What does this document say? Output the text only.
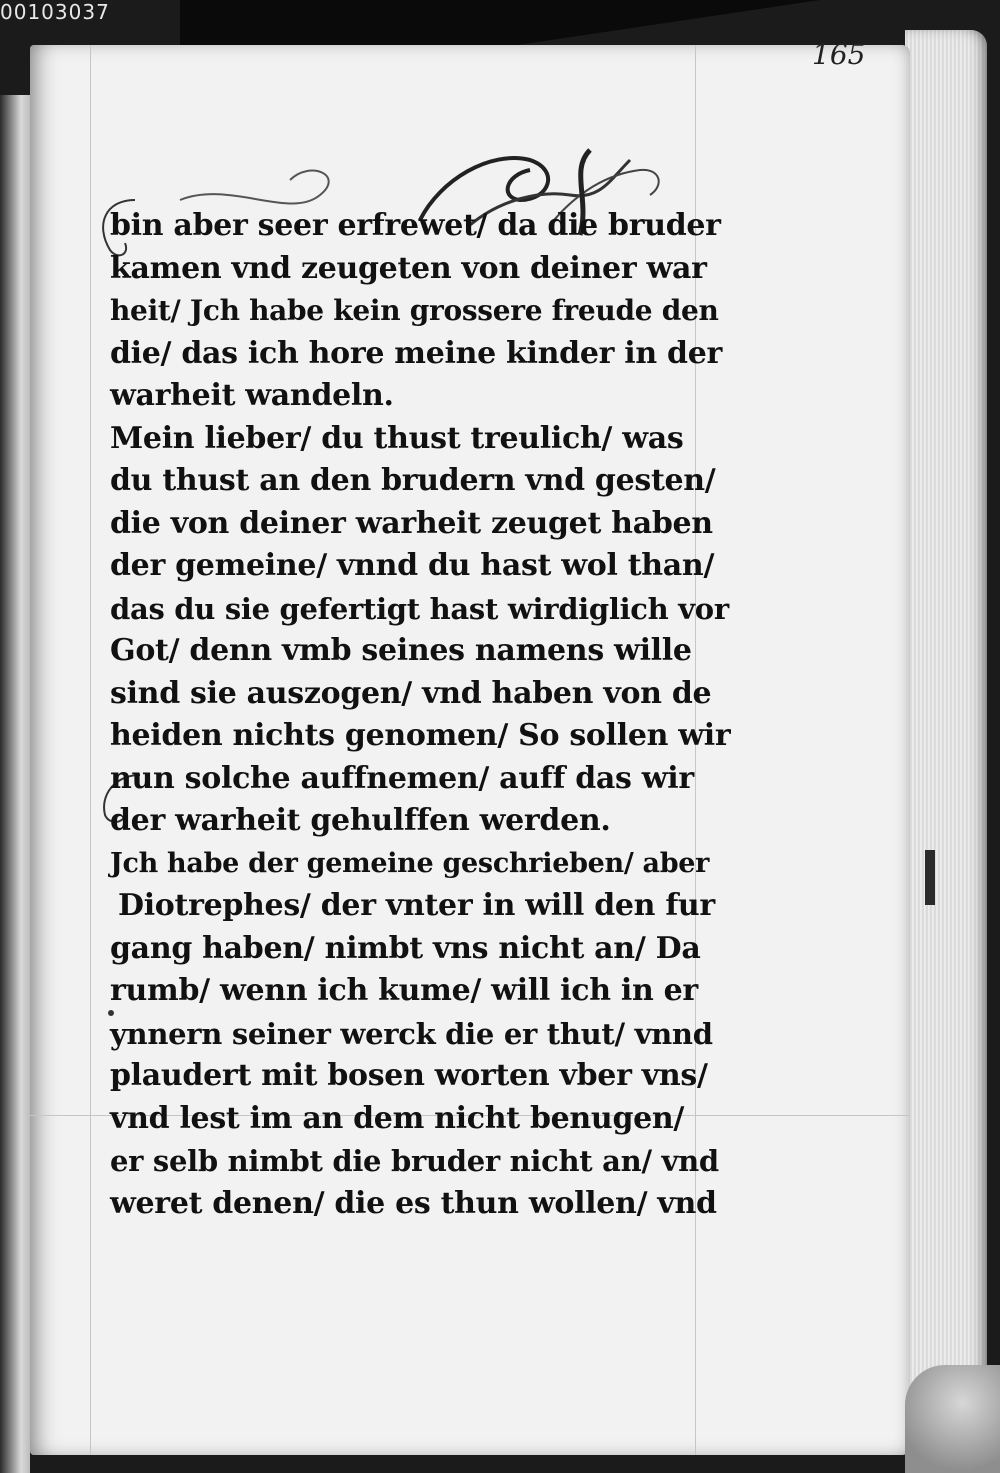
00103037
165
bin aber seer erfrewet/ da die bruder
kamen vnd zeugeten von deiner war
heit/ Jch habe kein grossere freude den
die/ das ich hore meine kinder in der
warheit wandeln.
Mein lieber/ du thust treulich/ was
du thust an den brudern vnd gesten/
die von deiner warheit zeuget haben
der gemeine/ vnnd du hast wol than/
das du sie gefertigt hast wirdiglich vor
Got/ denn vmb seines namens wille
sind sie auszogen/ vnd haben von de
heiden nichts genomen/ So sollen wir
nun solche auffnemen/ auff das wir
der warheit gehulffen werden.
Jch habe der gemeine geschrieben/ aber
Diotrephes/ der vnter in will den fur
gang haben/ nimbt vns nicht an/ Da
rumb/ wenn ich kume/ will ich in er
ynnern seiner werck die er thut/ vnnd
plaudert mit bosen worten vber vns/
vnd lest im an dem nicht benugen/
er selb nimbt die bruder nicht an/ vnd
weret denen/ die es thun wollen/ vnd
